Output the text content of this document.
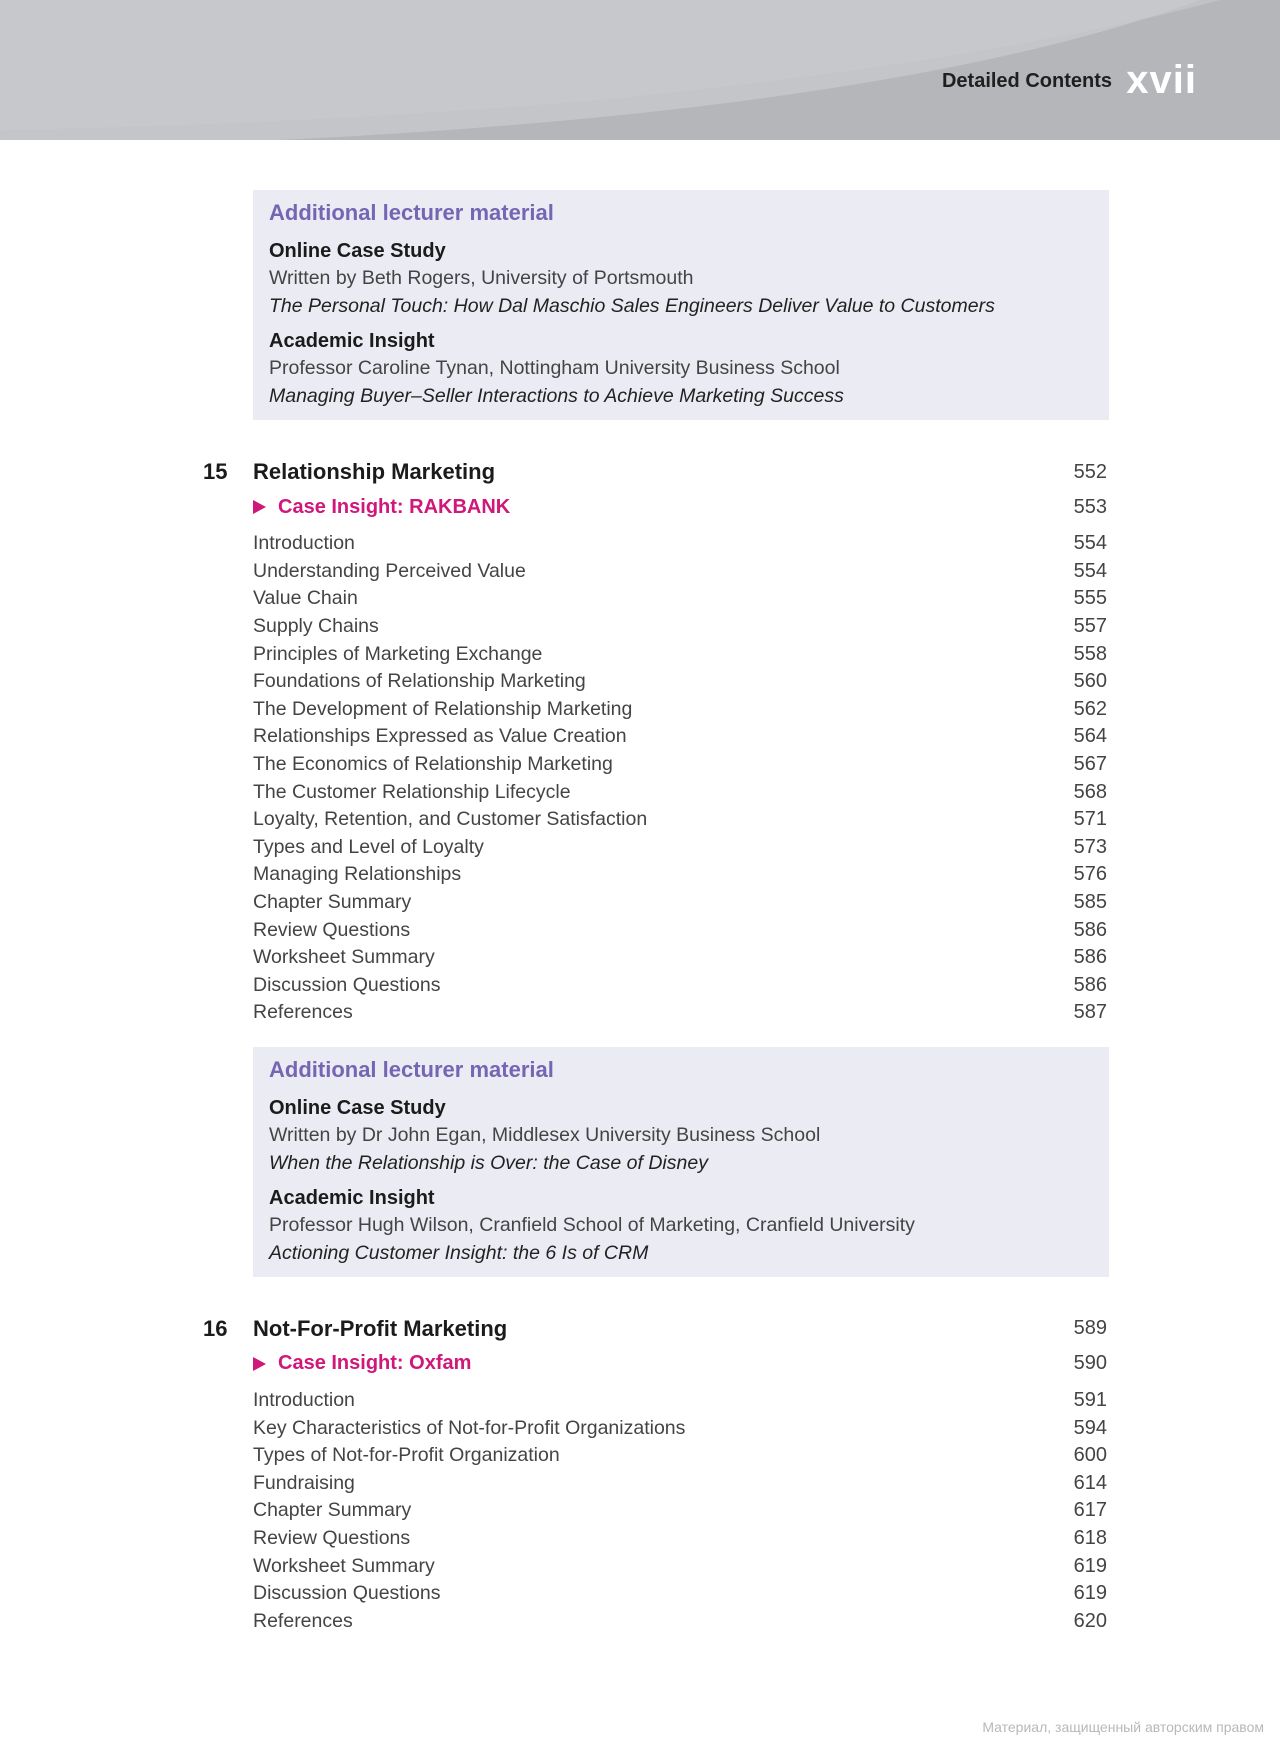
Detailed Contents xvii
Additional lecturer material
Online Case Study
Written by Beth Rogers, University of Portsmouth
The Personal Touch: How Dal Maschio Sales Engineers Deliver Value to Customers
Academic Insight
Professor Caroline Tynan, Nottingham University Business School
Managing Buyer–Seller Interactions to Achieve Marketing Success
15 Relationship Marketing	552
Case Insight: RAKBANK	553
Introduction	554
Understanding Perceived Value	554
Value Chain	555
Supply Chains	557
Principles of Marketing Exchange	558
Foundations of Relationship Marketing	560
The Development of Relationship Marketing	562
Relationships Expressed as Value Creation	564
The Economics of Relationship Marketing	567
The Customer Relationship Lifecycle	568
Loyalty, Retention, and Customer Satisfaction	571
Types and Level of Loyalty	573
Managing Relationships	576
Chapter Summary	585
Review Questions	586
Worksheet Summary	586
Discussion Questions	586
References	587
Additional lecturer material
Online Case Study
Written by Dr John Egan, Middlesex University Business School
When the Relationship is Over: the Case of Disney
Academic Insight
Professor Hugh Wilson, Cranfield School of Marketing, Cranfield University
Actioning Customer Insight: the 6 Is of CRM
16 Not-For-Profit Marketing	589
Case Insight: Oxfam	590
Introduction	591
Key Characteristics of Not-for-Profit Organizations	594
Types of Not-for-Profit Organization	600
Fundraising	614
Chapter Summary	617
Review Questions	618
Worksheet Summary	619
Discussion Questions	619
References	620
Материал, защищенный авторским правом
